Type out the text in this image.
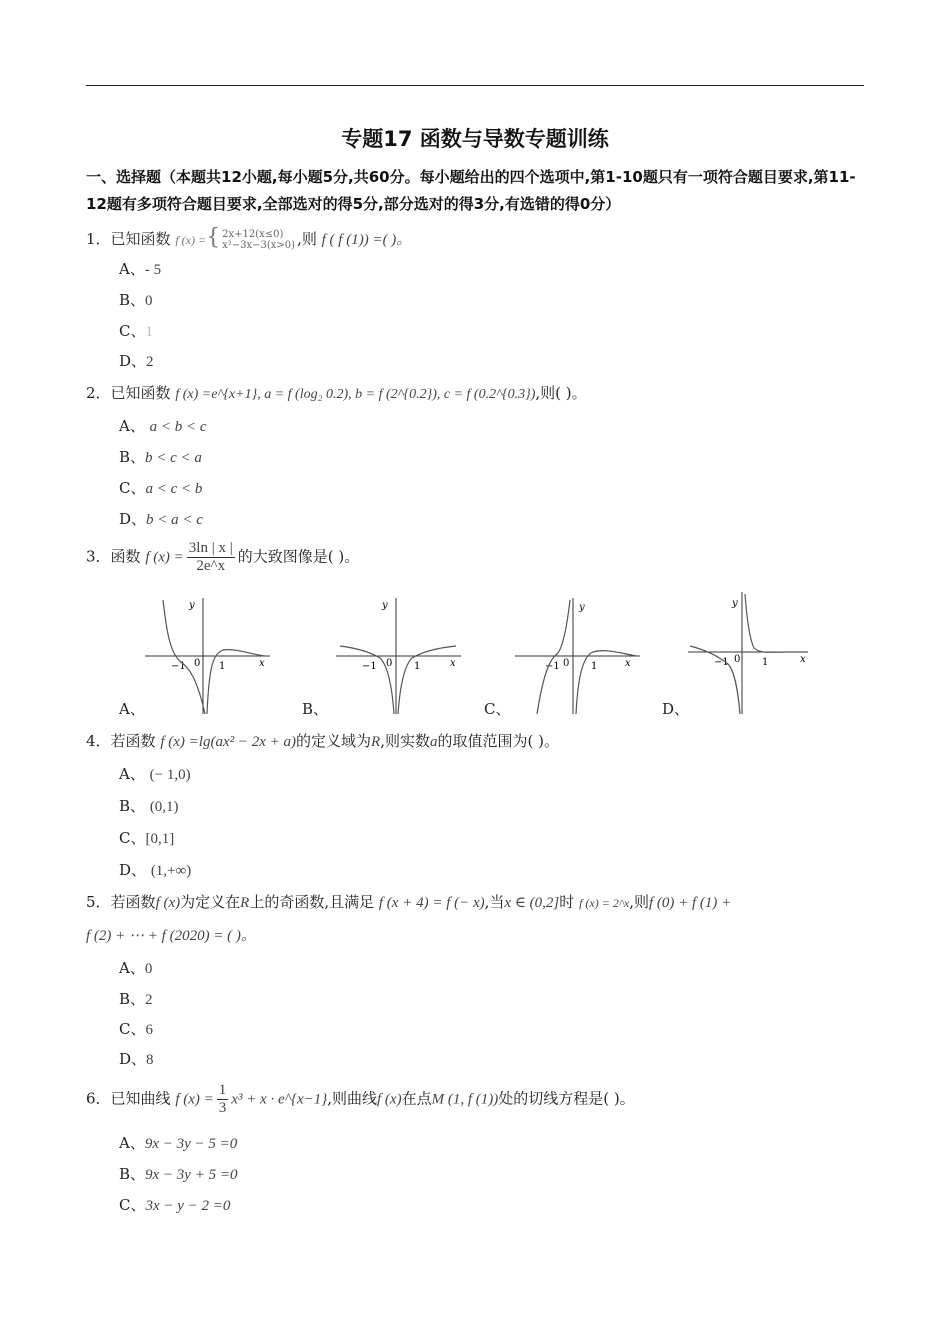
专题17 函数与导数专题训练
一、选择题（本题共12小题,每小题5分,共60分。每小题给出的四个选项中,第1-10题只有一项符合题目要求,第11-12题有多项符合题目要求,全部选对的得5分,部分选对的得3分,有选错的得0分）
1．已知函数 f (x) ={ 2x+12(x≤0)
x²−3x−3(x>0) ,则 f ( f (1)) =( )。
A、- 5
B、0
C、1
D、2
2．已知函数 f (x) =e^{x+1}, a = f (log₂ 0.2), b = f (2^{0.2}), c = f (0.2^{0.3}),则( )。
A、 a < b < c
B、b < c < a
C、a < c < b
D、b < a < c
3．函数 f $(x) = \frac{3\ln | x |}{2e\^{}x}$ 的大致图像是( )。
y
x
−1 0 1
A、
y
x
−1 0 1
B、
y
x
−1 0 1
C、
y
x
−1 0 1
D、
4．若函数 f (x) =lg(ax² − 2x + a)的定义域为R,则实数a的取值范围为( )。
A、 (− 1,0)
B、 (0,1)
C、[0,1]
D、 (1,+∞)
5．若函数f (x)为定义在R上的奇函数,且满足 f (x + 4) = f (− x),当x ∈ (0,2]时 f (x) = 2^x,则f (0) + f (1) +
f (2) + ⋯ + f (2020) = ( )。
A、0
B、2
C、6
D、8
6．已知曲线 f $(x) = \frac{1}{3} x^3 + x$ · e^{x−1},则曲线f (x)在点M (1, f (1))处的切线方程是( )。
A、9x − 3y − 5 =0
B、9x − 3y + 5 =0
C、3x − y − 2 =0
